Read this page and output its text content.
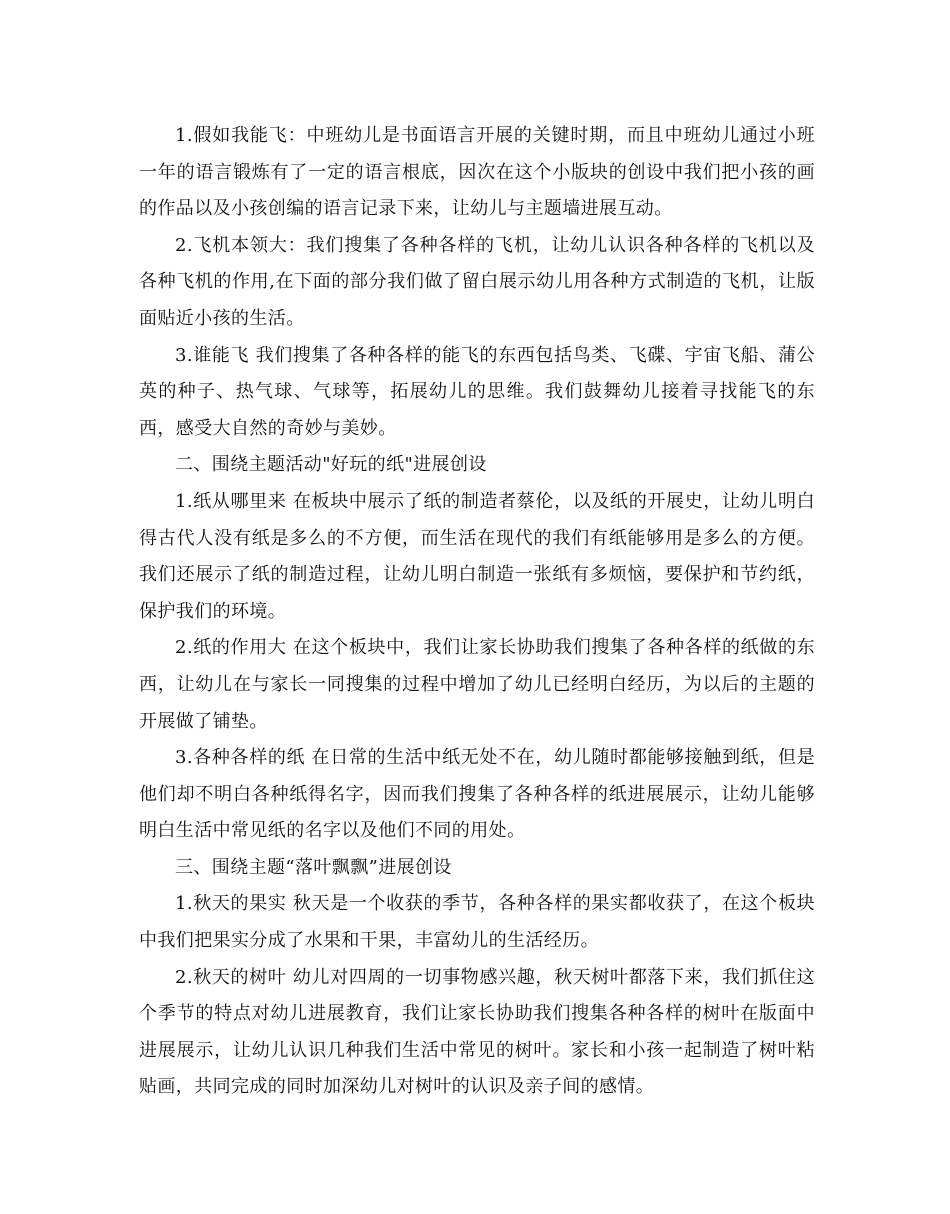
1.假如我能飞：中班幼儿是书面语言开展的关键时期，而且中班幼儿通过小班一年的语言锻炼有了一定的语言根底，因次在这个小版块的创设中我们把小孩的画的作品以及小孩创编的语言记录下来，让幼儿与主题墙进展互动。

2.飞机本领大：我们搜集了各种各样的飞机，让幼儿认识各种各样的飞机以及各种飞机的作用,在下面的部分我们做了留白展示幼儿用各种方式制造的飞机，让版面贴近小孩的生活。

3.谁能飞 我们搜集了各种各样的能飞的东西包括鸟类、飞碟、宇宙飞船、蒲公英的种子、热气球、气球等，拓展幼儿的思维。我们鼓舞幼儿接着寻找能飞的东西，感受大自然的奇妙与美妙。

二、围绕主题活动"好玩的纸"进展创设

1.纸从哪里来 在板块中展示了纸的制造者蔡伦，以及纸的开展史，让幼儿明白得古代人没有纸是多么的不方便，而生活在现代的我们有纸能够用是多么的方便。我们还展示了纸的制造过程，让幼儿明白制造一张纸有多烦恼，要保护和节约纸，保护我们的环境。

2.纸的作用大 在这个板块中，我们让家长协助我们搜集了各种各样的纸做的东西，让幼儿在与家长一同搜集的过程中增加了幼儿已经明白经历，为以后的主题的开展做了铺垫。

3.各种各样的纸 在日常的生活中纸无处不在，幼儿随时都能够接触到纸，但是他们却不明白各种纸得名字，因而我们搜集了各种各样的纸进展展示，让幼儿能够明白生活中常见纸的名字以及他们不同的用处。

三、围绕主题“落叶飘飘”进展创设

1.秋天的果实 秋天是一个收获的季节，各种各样的果实都收获了，在这个板块中我们把果实分成了水果和干果，丰富幼儿的生活经历。

2.秋天的树叶 幼儿对四周的一切事物感兴趣，秋天树叶都落下来，我们抓住这个季节的特点对幼儿进展教育，我们让家长协助我们搜集各种各样的树叶在版面中进展展示，让幼儿认识几种我们生活中常见的树叶。家长和小孩一起制造了树叶粘贴画，共同完成的同时加深幼儿对树叶的认识及亲子间的感情。
